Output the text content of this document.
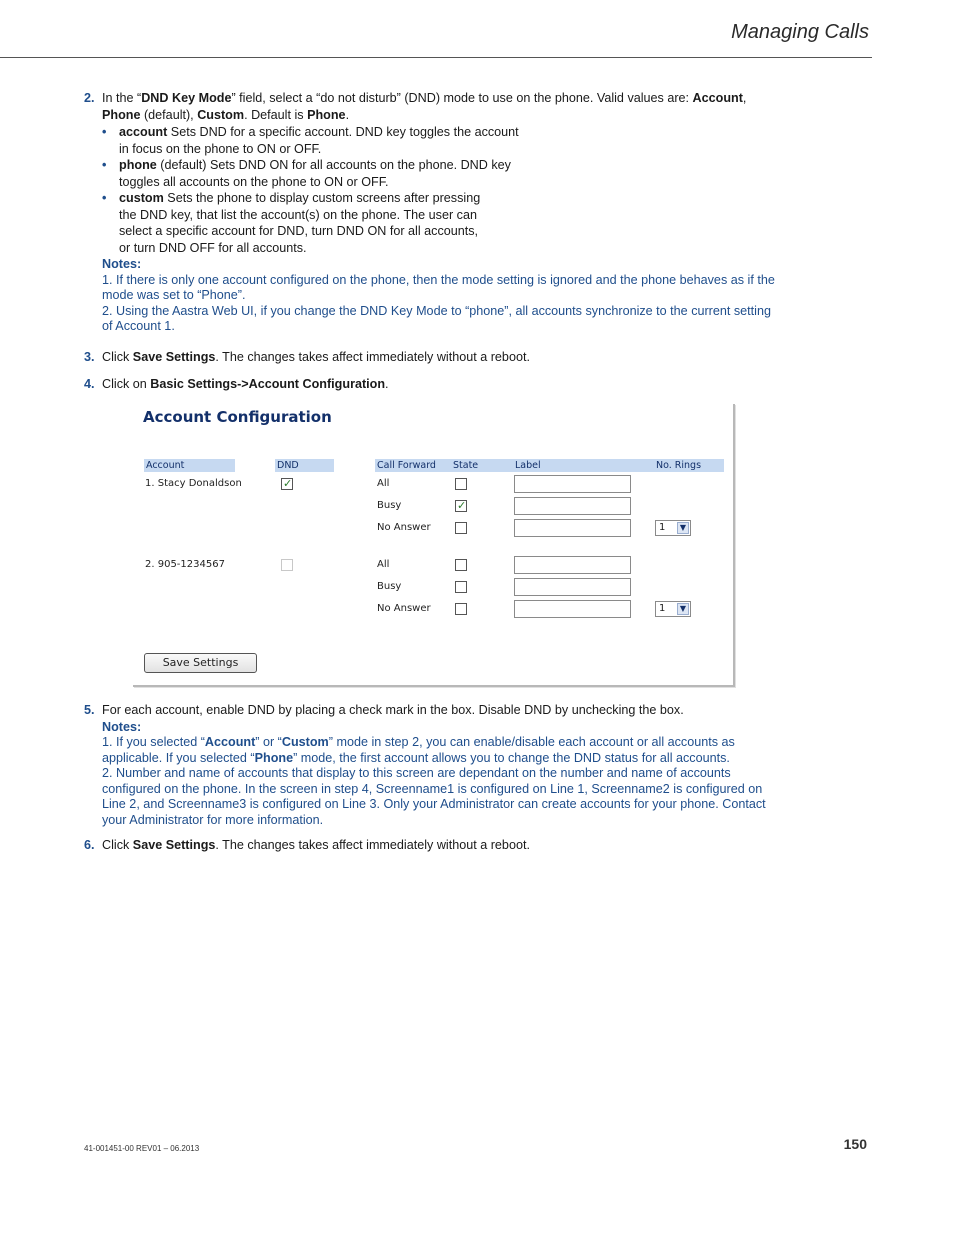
Managing Calls
2. In the “DND Key Mode” field, select a “do not disturb” (DND) mode to use on the phone. Valid values are: Account,
Phone (default), Custom. Default is Phone.
• account Sets DND for a specific account. DND key toggles the account in focus on the phone to ON or OFF.
• phone (default) Sets DND ON for all accounts on the phone. DND key toggles all accounts on the phone to ON or OFF.
• custom Sets the phone to display custom screens after pressing the DND key, that list the account(s) on the phone. The user can select a specific account for DND, turn DND ON for all accounts, or turn DND OFF for all accounts.
Notes:

1. If there is only one account configured on the phone, then the mode setting is ignored and the phone behaves as if the mode was set to “Phone”.

2. Using the Aastra Web UI, if you change the DND Key Mode to “phone”, all accounts synchronize to the current setting of Account 1.

3. Click Save Settings. The changes takes affect immediately without a reboot.
4. Click on Basic Settings->Account Configuration.
Account Configuration
Account	DND	Call Forward	State	Label	No. Rings
1. Stacy Donaldson
✓	All
Busy
✓
No Answer	1	▼
2. 905-1234567	All
Busy
No Answer	1	▼
Save Settings
5. For each account, enable DND by placing a check mark in the box. Disable DND by unchecking the box.
Notes:

1. If you selected “Account” or “Custom” mode in step 2, you can enable/disable each account or all accounts as applicable. If you selected “Phone” mode, the first account allows you to change the DND status for all accounts.

2. Number and name of accounts that display to this screen are dependant on the number and name of accounts configured on the phone. In the screen in step 4, Screenname1 is configured on Line 1, Screenname2 is configured on Line 2, and Screenname3 is configured on Line 3. Only your Administrator can create accounts for your phone. Contact your Administrator for more information.

6. Click Save Settings. The changes takes affect immediately without a reboot.
41-001451-00 REV01 – 06.2013	150
